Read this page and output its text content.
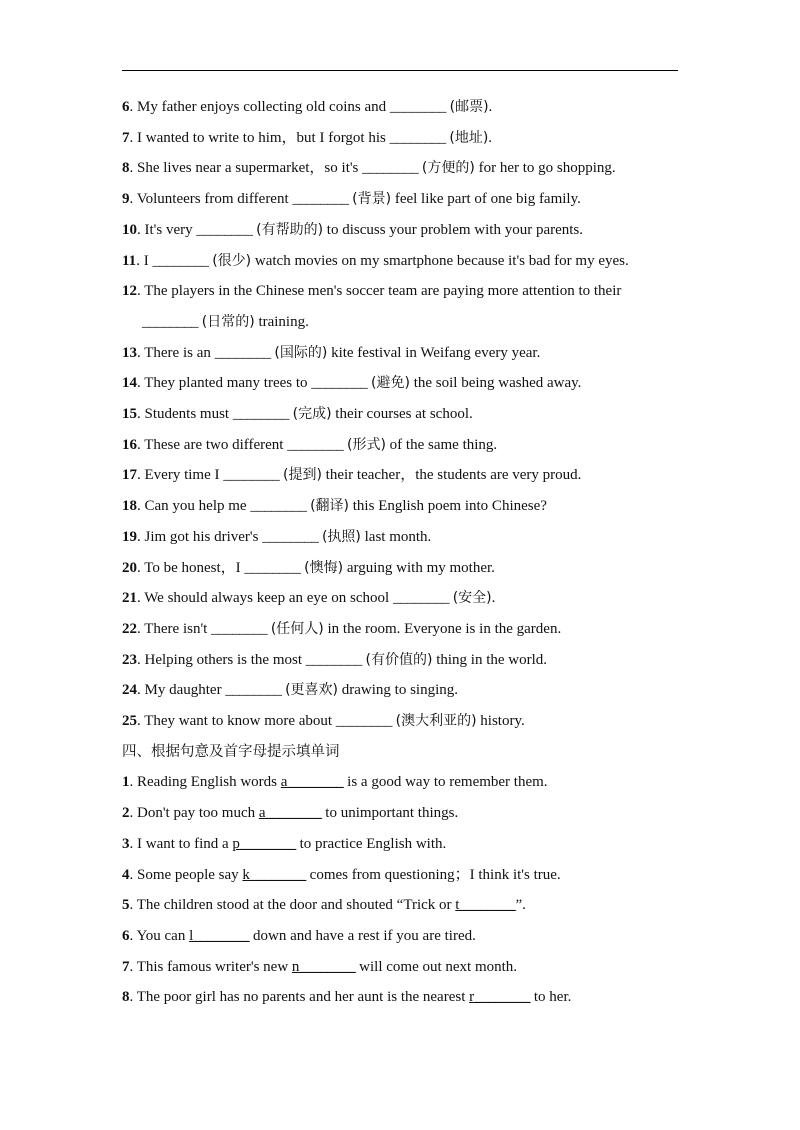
6. My father enjoys collecting old coins and ________ (邮票).
7. I wanted to write to him，but I forgot his ________ (地址).
8. She lives near a supermarket，so it's ________ (方便的) for her to go shopping.
9. Volunteers from different ________ (背景) feel like part of one big family.
10. It's very ________ (有帮助的) to discuss your problem with your parents.
11. I ________ (很少) watch movies on my smartphone because it's bad for my eyes.
12. The players in the Chinese men's soccer team are paying more attention to their
________ (日常的) training.
13. There is an ________ (国际的) kite festival in Weifang every year.
14. They planted many trees to ________ (避免) the soil being washed away.
15. Students must ________ (完成) their courses at school.
16. These are two different ________ (形式) of the same thing.
17. Every time I ________ (提到) their teacher，the students are very proud.
18. Can you help me ________ (翻译) this English poem into Chinese?
19. Jim got his driver's ________ (执照) last month.
20. To be honest，I ________ (懊悔) arguing with my mother.
21. We should always keep an eye on school ________ (安全).
22. There isn't ________ (任何人) in the room. Everyone is in the garden.
23. Helping others is the most ________ (有价值的) thing in the world.
24. My daughter ________ (更喜欢) drawing to singing.
25. They want to know more about ________ (澳大利亚的) history.
四、根据句意及首字母提示填单词
1. Reading English words a________ is a good way to remember them.
2. Don't pay too much a________ to unimportant things.
3. I want to find a p________ to practice English with.
4. Some people say k________ comes from questioning；I think it's true.
5. The children stood at the door and shouted “Trick or t________”.
6. You can l________ down and have a rest if you are tired.
7. This famous writer's new n________ will come out next month.
8. The poor girl has no parents and her aunt is the nearest r________ to her.
